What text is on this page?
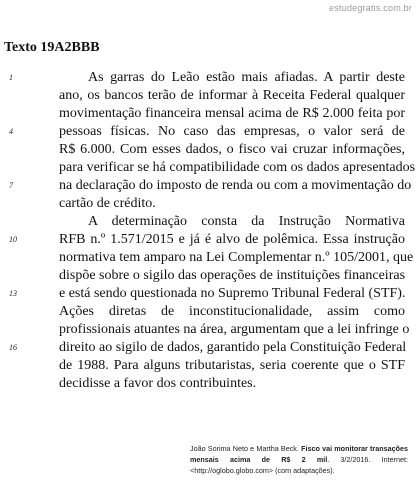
estudegratis.com.br
Texto 19A2BBB
As garras do Leão estão mais afiadas. A partir deste
ano, os bancos terão de informar à Receita Federal qualquer
movimentação financeira mensal acima de R$ 2.000 feita por
pessoas físicas. No caso das empresas, o valor será de
R$ 6.000. Com esses dados, o fisco vai cruzar informações,
para verificar se há compatibilidade com os dados apresentados
na declaração do imposto de renda ou com a movimentação do
cartão de crédito.
A determinação consta da Instrução Normativa
RFB n.º 1.571/2015 e já é alvo de polêmica. Essa instrução
normativa tem amparo na Lei Complementar n.º 105/2001, que
dispõe sobre o sigilo das operações de instituições financeiras
e está sendo questionada no Supremo Tribunal Federal (STF).
Ações diretas de inconstitucionalidade, assim como
profissionais atuantes na área, argumentam que a lei infringe o
direito ao sigilo de dados, garantido pela Constituição Federal
de 1988. Para alguns tributaristas, seria coerente que o STF
decidisse a favor dos contribuintes.
1
4
7
10
13
16
João Sorima Neto e Martha Beck. Fisco vai monitorar transações mensais acima de R$ 2 mil. 3/2/2016. Internet: <http://oglobo.globo.com> (com adaptações).
